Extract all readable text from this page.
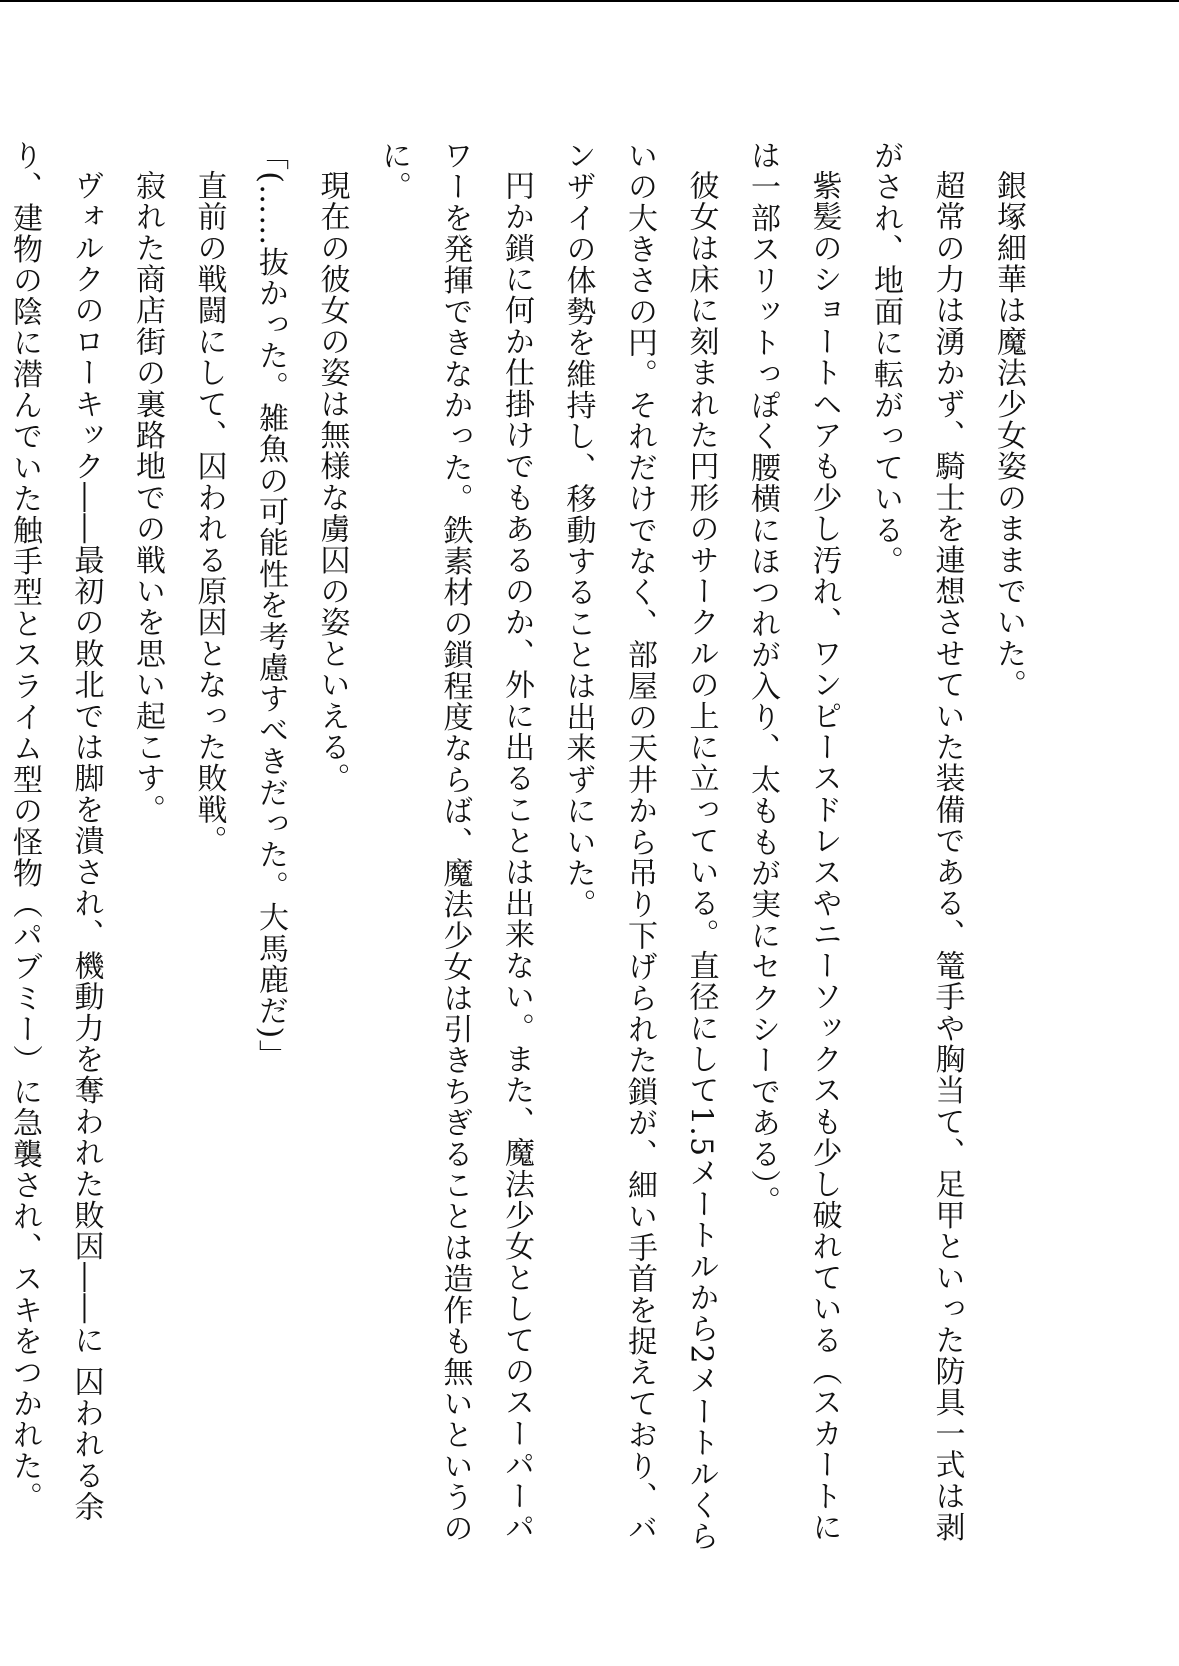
銀塚細華は魔法少女姿のままでいた。

超常の力は湧かず、騎士を連想させていた装備である、篭手や胸当て、足甲といった防具一式は剥がされ、地面に転がっている。

紫髪のショートヘアも少し汚れ、ワンピースドレスやニーソックスも少し破れている（スカートには一部スリットっぽく腰横にほつれが入り、太ももが実にセクシーである）。

彼女は床に刻まれた円形のサークルの上に立っている。直径にして1.5メートルから2メートルくらいの大きさの円。それだけでなく、部屋の天井から吊り下げられた鎖が、細い手首を捉えており、バンザイの体勢を維持し、移動することは出来ずにいた。

円か鎖に何か仕掛けでもあるのか、外に出ることは出来ない。また、魔法少女としてのスーパーパワーを発揮できなかった。鉄素材の鎖程度ならば、魔法少女は引きちぎることは造作も無いというのに。

現在の彼女の姿は無様な虜囚の姿といえる。

「(……抜かった。雑魚の可能性を考慮すべきだった。大馬鹿だ)」

直前の戦闘にして、囚われる原因となった敗戦。

寂れた商店街の裏路地での戦いを思い起こす。

ヴォルクのローキック――最初の敗北では脚を潰され、機動力を奪われた敗因――に 囚われる余り、建物の陰に潜んでいた触手型とスライム型の怪物（パブミー）に急襲され、スキをつかれた。
